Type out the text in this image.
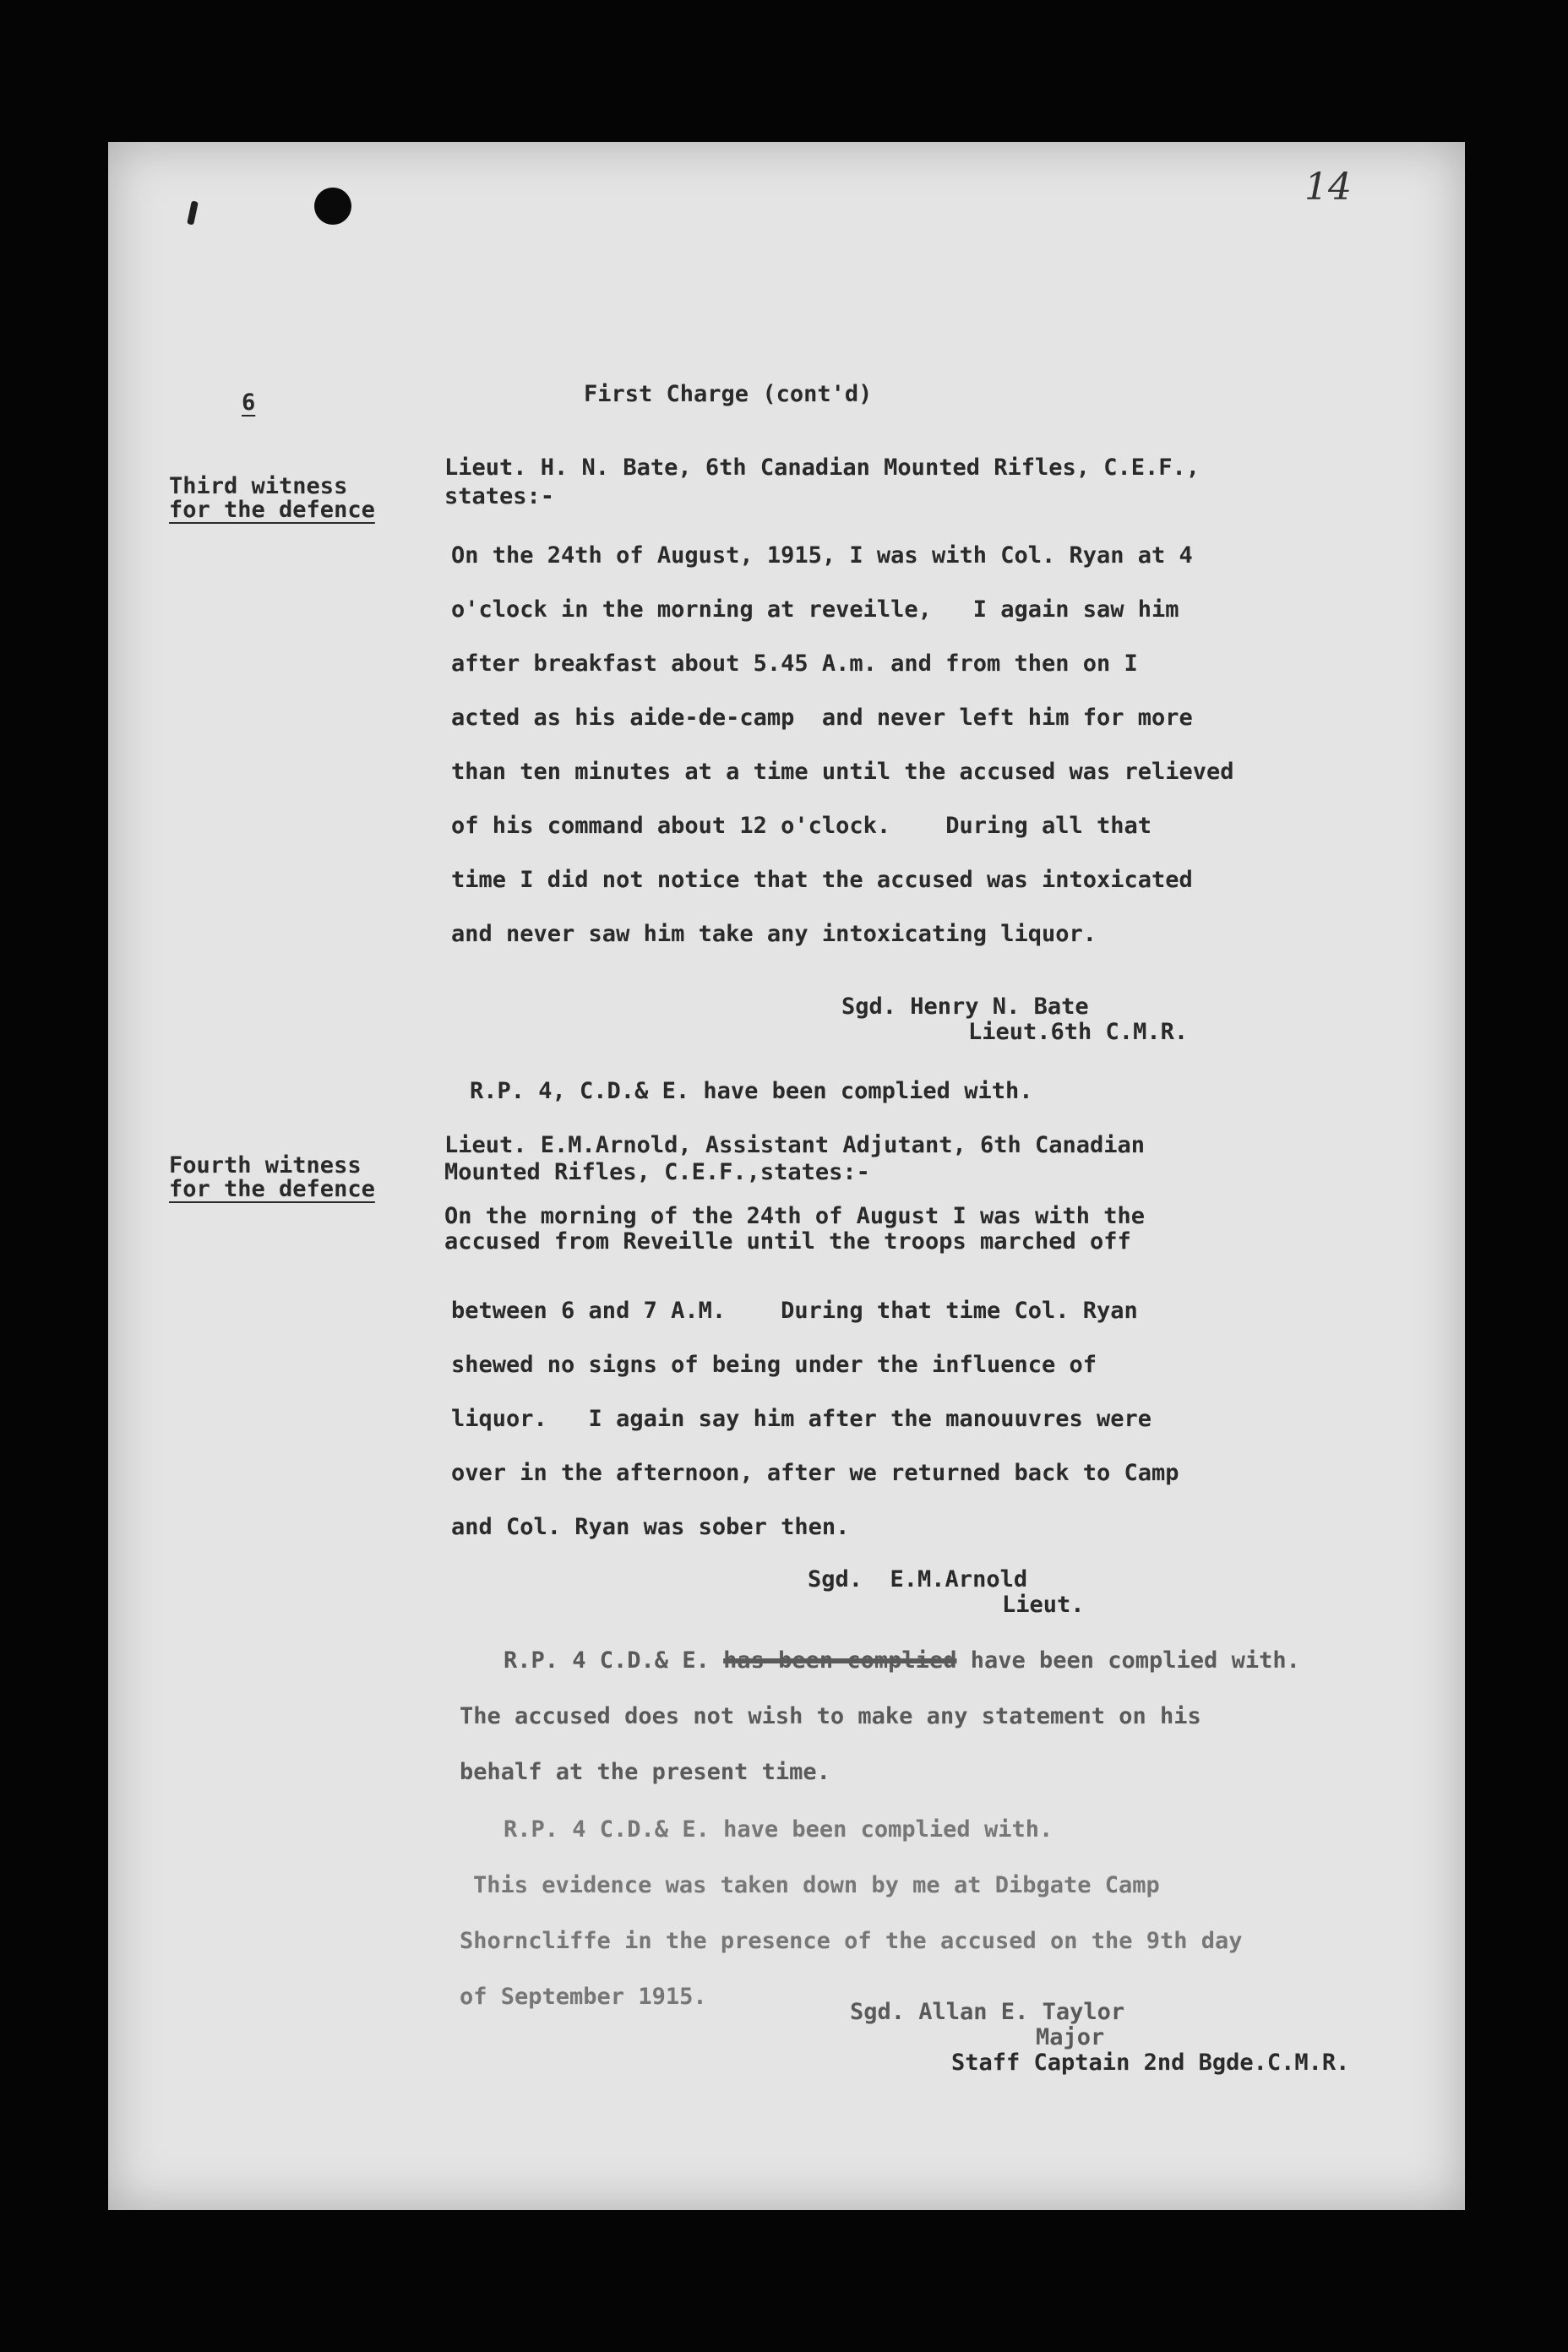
14
6	First Charge (cont'd)
Third witness
for the defence
Lieut. H. N. Bate, 6th Canadian Mounted Rifles, C.E.F.,
states:-
On the 24th of August, 1915, I was with Col. Ryan at 4
o'clock in the morning at reveille,   I again saw him
after breakfast about 5.45 A.m. and from then on I
acted as his aide-de-camp  and never left him for more
than ten minutes at a time until the accused was relieved
of his command about 12 o'clock.    During all that
time I did not notice that the accused was intoxicated
and never saw him take any intoxicating liquor.
Sgd. Henry N. Bate
Lieut.6th C.M.R.
R.P. 4, C.D.& E. have been complied with.
Fourth witness
for the defence
Lieut. E.M.Arnold, Assistant Adjutant, 6th Canadian
Mounted Rifles, C.E.F.,states:-
On the morning of the 24th of August I was with the
accused from Reveille until the troops marched off
between 6 and 7 A.M.    During that time Col. Ryan
shewed no signs of being under the influence of
liquor.   I again say him after the manouuvres were
over in the afternoon, after we returned back to Camp
and Col. Ryan was sober then.
Sgd.  E.M.Arnold
Lieut.
R.P. 4 C.D.& E. has been complied have been complied with.
The accused does not wish to make any statement on his
behalf at the present time.
R.P. 4 C.D.& E. have been complied with.
This evidence was taken down by me at Dibgate Camp
Shorncliffe in the presence of the accused on the 9th day
of September 1915.
Sgd. Allan E. Taylor
Major
Staff Captain 2nd Bgde.C.M.R.
